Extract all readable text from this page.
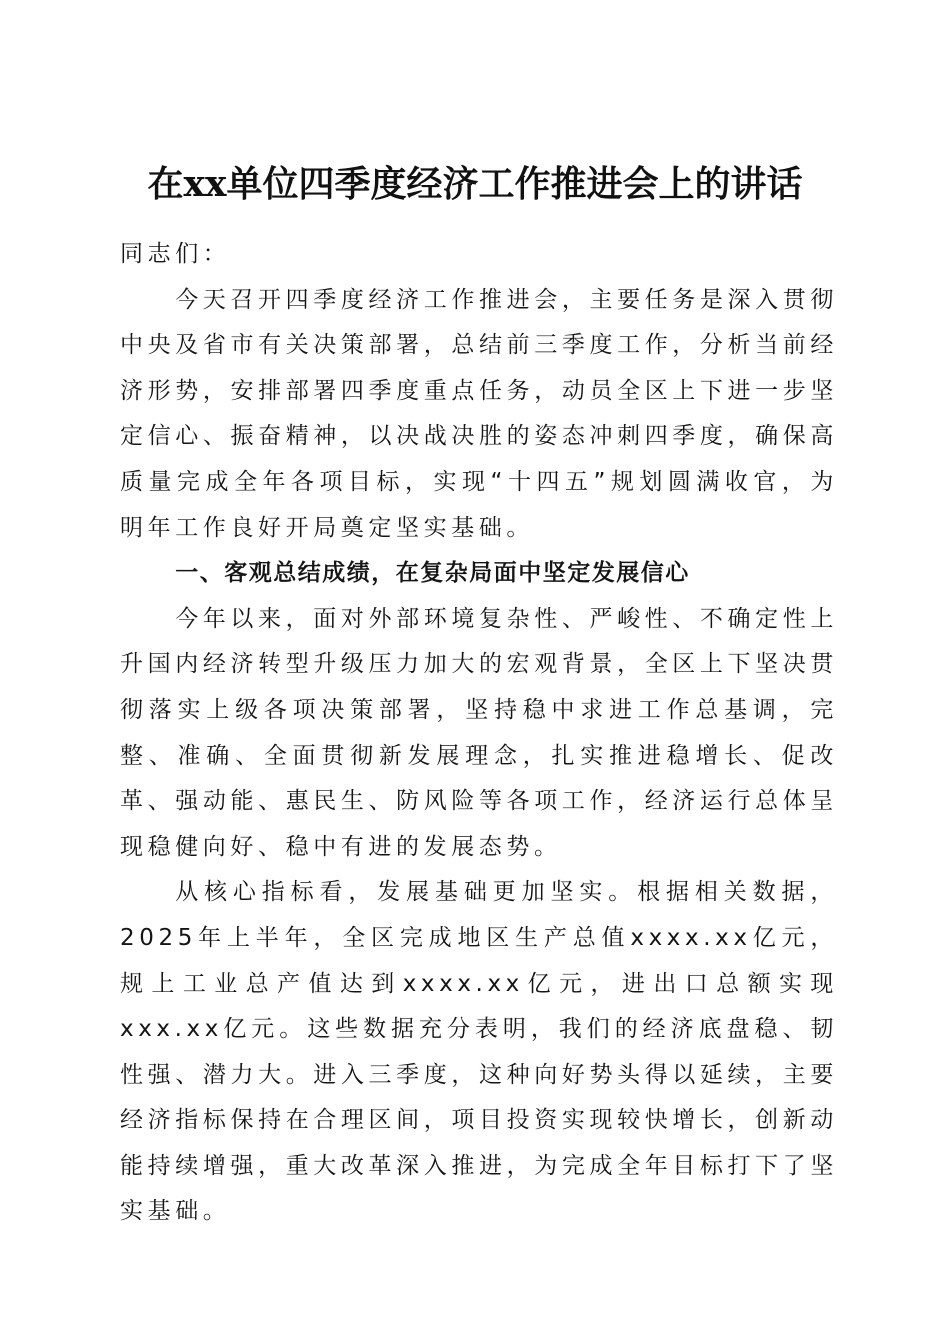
在xx单位四季度经济工作推进会上的讲话

同志们：

今天召开四季度经济工作推进会，主要任务是深入贯彻中央及省市有关决策部署，总结前三季度工作，分析当前经济形势，安排部署四季度重点任务，动员全区上下进一步坚定信心、振奋精神，以决战决胜的姿态冲刺四季度，确保高质量完成全年各项目标，实现“十四五”规划圆满收官，为明年工作良好开局奠定坚实基础。

一、客观总结成绩，在复杂局面中坚定发展信心

今年以来，面对外部环境复杂性、严峻性、不确定性上升国内经济转型升级压力加大的宏观背景，全区上下坚决贯彻落实上级各项决策部署，坚持稳中求进工作总基调，完整、准确、全面贯彻新发展理念，扎实推进稳增长、促改革、强动能、惠民生、防风险等各项工作，经济运行总体呈现稳健向好、稳中有进的发展态势。

从核心指标看，发展基础更加坚实。根据相关数据，2025年上半年，全区完成地区生产总值xxxx.xx亿元，规上工业总产值达到xxxx.xx亿元，进出口总额实现xxx.xx亿元。这些数据充分表明，我们的经济底盘稳、韧性强、潜力大。进入三季度，这种向好势头得以延续，主要经济指标保持在合理区间，项目投资实现较快增长，创新动能持续增强，重大改革深入推进，为完成全年目标打下了坚实基础。
